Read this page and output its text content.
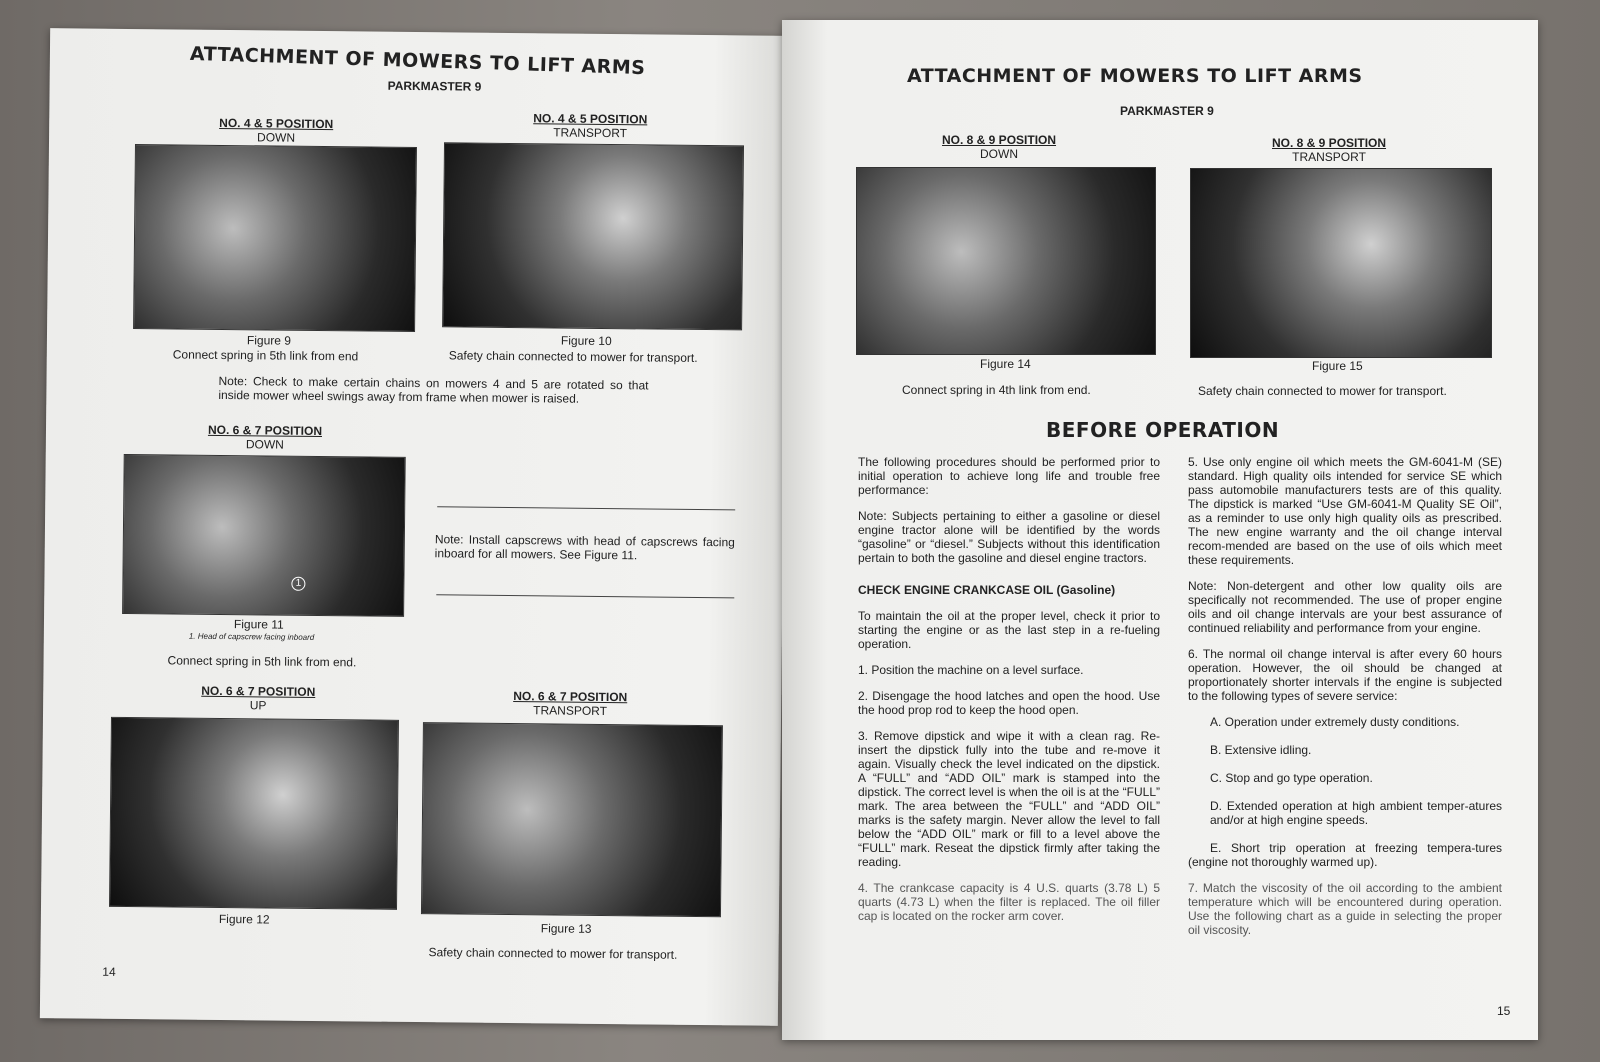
ATTACHMENT OF MOWERS TO LIFT ARMS
PARKMASTER 9
NO. 4 & 5 POSITION
DOWN
Figure 9
Connect spring in 5th link from end
NO. 4 & 5 POSITION
TRANSPORT
Figure 10
Safety chain connected to mower for transport.
Note: Check to make certain chains on mowers 4 and 5 are rotated so that inside mower wheel swings away from frame when mower is raised.
NO. 6 & 7 POSITION
DOWN
1
Figure 11
1. Head of capscrew facing inboard
Connect spring in 5th link from end.
Note: Install capscrews with head of capscrews facing inboard for all mowers. See Figure 11.
NO. 6 & 7 POSITION
UP
Figure 12
NO. 6 & 7 POSITION
TRANSPORT
Figure 13
Safety chain connected to mower for transport.
14
ATTACHMENT OF MOWERS TO LIFT ARMS
PARKMASTER 9
NO. 8 & 9 POSITION
DOWN
Figure 14
Connect spring in 4th link from end.
NO. 8 & 9 POSITION
TRANSPORT
Figure 15
Safety chain connected to mower for transport.
BEFORE OPERATION

The following procedures should be performed prior to initial operation to achieve long life and trouble free performance:

Note: Subjects pertaining to either a gasoline or diesel engine tractor alone will be identified by the words “gasoline” or “diesel.” Subjects without this identification pertain to both the gasoline and diesel engine tractors.

CHECK ENGINE CRANKCASE OIL (Gasoline)

To maintain the oil at the proper level, check it prior to starting the engine or as the last step in a re-fueling operation.

1. Position the machine on a level surface.

2. Disengage the hood latches and open the hood. Use the hood prop rod to keep the hood open.

3. Remove dipstick and wipe it with a clean rag. Re-insert the dipstick fully into the tube and re-move it again. Visually check the level indicated on the dipstick. A “FULL” and “ADD OIL” mark is stamped into the dipstick. The correct level is when the oil is at the “FULL” mark. The area between the “FULL” and “ADD OIL” marks is the safety margin. Never allow the level to fall below the “ADD OIL” mark or fill to a level above the “FULL” mark. Reseat the dipstick firmly after taking the reading.

4. The crankcase capacity is 4 U.S. quarts (3.78 L) 5 quarts (4.73 L) when the filter is replaced. The oil filler cap is located on the rocker arm cover.

5. Use only engine oil which meets the GM-6041-M (SE) standard. High quality oils intended for service SE which pass automobile manufacturers tests are of this quality. The dipstick is marked “Use GM-6041-M Quality SE Oil”, as a reminder to use only high quality oils as prescribed. The new engine warranty and the oil change interval recom-mended are based on the use of oils which meet these requirements.

Note: Non-detergent and other low quality oils are specifically not recommended. The use of proper engine oils and oil change intervals are your best assurance of continued reliability and performance from your engine.

6. The normal oil change interval is after every 60 hours operation. However, the oil should be changed at proportionately shorter intervals if the engine is subjected to the following types of severe service:

A. Operation under extremely dusty conditions.

B. Extensive idling.

C. Stop and go type operation.

D. Extended operation at high ambient temper-atures and/or at high engine speeds.

E. Short trip operation at freezing tempera-tures (engine not thoroughly warmed up).

7. Match the viscosity of the oil according to the ambient temperature which will be encountered during operation. Use the following chart as a guide in selecting the proper oil viscosity.

15
